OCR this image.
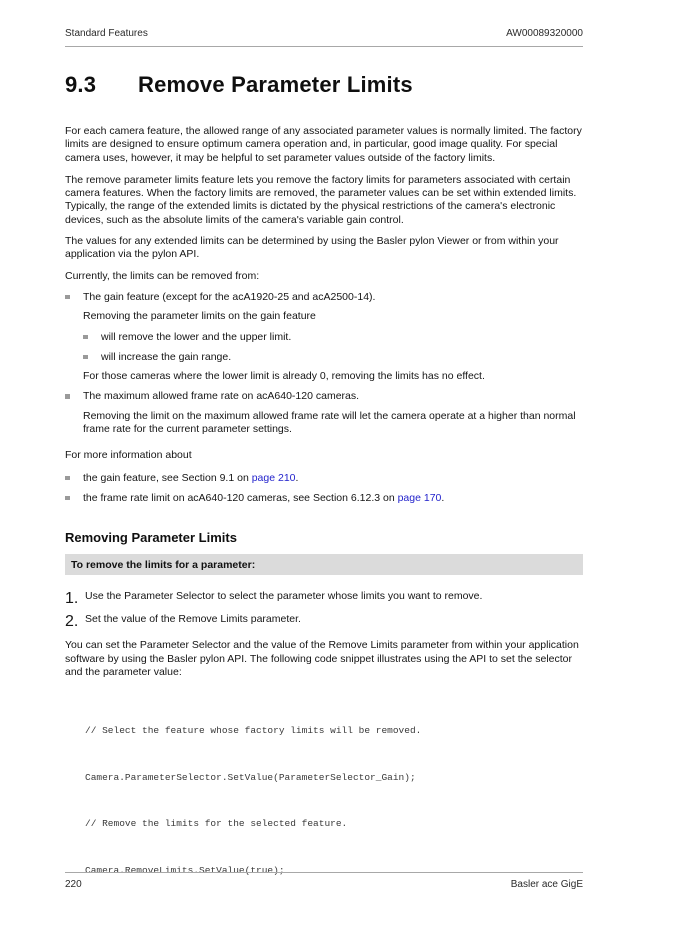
Standard Features	AW00089320000
9.3	Remove Parameter Limits

For each camera feature, the allowed range of any associated parameter values is normally limited. The factory limits are designed to ensure optimum camera operation and, in particular, good image quality. For special camera uses, however, it may be helpful to set parameter values outside of the factory limits.

The remove parameter limits feature lets you remove the factory limits for parameters associated with certain camera features. When the factory limits are removed, the parameter values can be set within extended limits. Typically, the range of the extended limits is dictated by the physical restrictions of the camera's electronic devices, such as the absolute limits of the camera's variable gain control.

The values for any extended limits can be determined by using the Basler pylon Viewer or from within your application via the pylon API.

Currently, the limits can be removed from:

The gain feature (except for the acA1920-25 and acA2500-14).

Removing the parameter limits on the gain feature

will remove the lower and the upper limit.
will increase the gain range.

For those cameras where the lower limit is already 0, removing the limits has no effect.

The maximum allowed frame rate on acA640-120 cameras.

Removing the limit on the maximum allowed frame rate will let the camera operate at a higher than normal frame rate for the current parameter settings.

For more information about

the gain feature, see Section 9.1 on page 210.
the frame rate limit on acA640-120 cameras, see Section 6.12.3 on page 170.
Removing Parameter Limits
To remove the limits for a parameter:
1. Use the Parameter Selector to select the parameter whose limits you want to remove.
2. Set the value of the Remove Limits parameter.

You can set the Parameter Selector and the value of the Remove Limits parameter from within your application software by using the Basler pylon API. The following code snippet illustrates using the API to set the selector and the parameter value:

// Select the feature whose factory limits will be removed.

Camera.ParameterSelector.SetValue(ParameterSelector_Gain);

// Remove the limits for the selected feature.

Camera.RemoveLimits.SetValue(true);

220	Basler ace GigE
